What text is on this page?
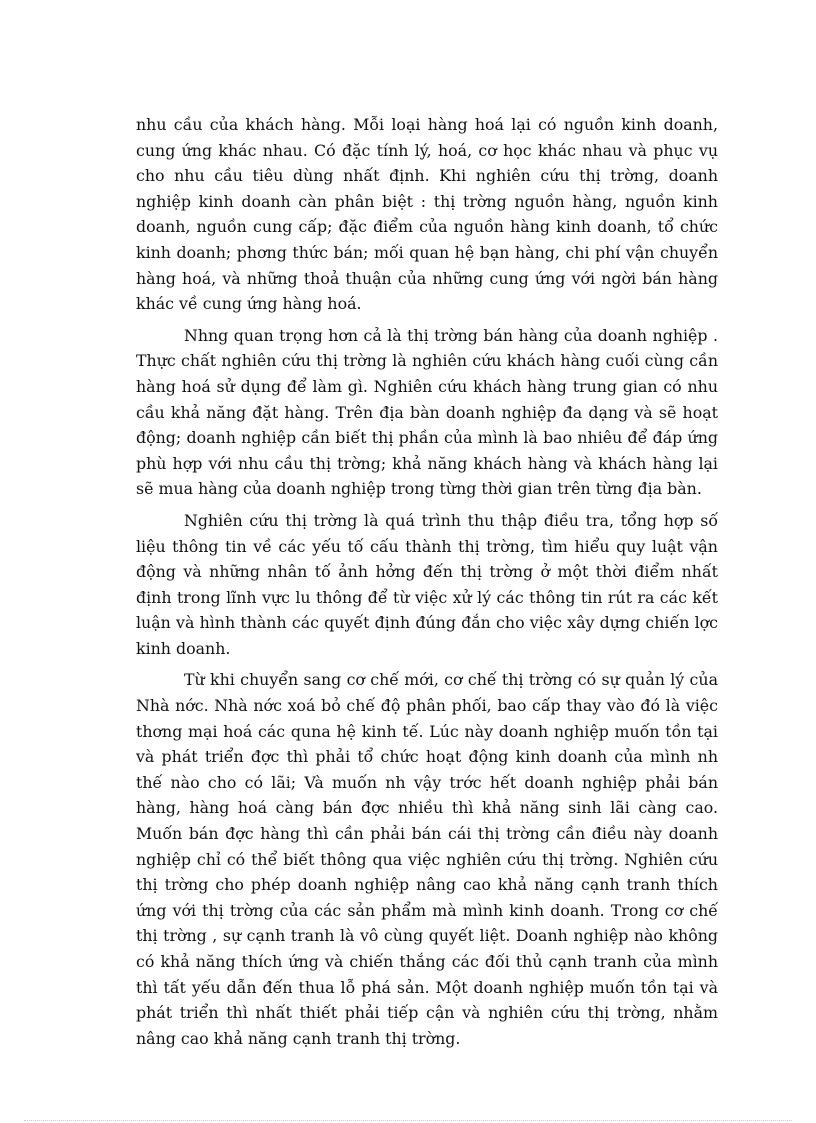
nhu cầu của khách hàng. Mỗi loại hàng hoá lại có nguồn kinh doanh, cung ứng khác nhau. Có đặc tính lý, hoá, cơ học khác nhau và phục vụ cho nhu cầu tiêu dùng nhất định. Khi nghiên cứu thị trờng, doanh nghiệp kinh doanh càn phân biệt : thị trờng nguồn hàng, nguồn kinh doanh, nguồn cung cấp; đặc điểm của nguồn hàng kinh doanh, tổ chức kinh doanh; phơng thức bán; mối quan hệ bạn hàng, chi phí vận chuyển hàng hoá, và những thoả thuận của những cung ứng với ngời bán hàng khác về cung ứng hàng hoá.

Nhng quan trọng hơn cả là thị trờng bán hàng của doanh nghiệp . Thực chất nghiên cứu thị trờng là nghiên cứu khách hàng cuối cùng cần hàng hoá sử dụng để làm gì. Nghiên cứu khách hàng trung gian có nhu cầu khả năng đặt hàng. Trên địa bàn doanh nghiệp đa dạng và sẽ hoạt động; doanh nghiệp cần biết thị phần của mình là bao nhiêu để đáp ứng phù hợp với nhu cầu thị trờng; khả năng khách hàng và khách hàng lại sẽ mua hàng của doanh nghiệp trong từng thời gian trên từng địa bàn.

Nghiên cứu thị trờng là quá trình thu thập điều tra, tổng hợp số liệu thông tin về các yếu tố cấu thành thị trờng, tìm hiểu quy luật vận động và những nhân tố ảnh hởng đến thị trờng ở một thời điểm nhất định trong lĩnh vực lu thông để từ việc xử lý các thông tin rút ra các kết luận và hình thành các quyết định đúng đắn cho việc xây dựng chiến lợc kinh doanh.

Từ khi chuyển sang cơ chế mới, cơ chế thị trờng có sự quản lý của Nhà nớc. Nhà nớc xoá bỏ chế độ phân phối, bao cấp thay vào đó là việc thơng mại hoá các quna hệ kinh tế. Lúc này doanh nghiệp muốn tồn tại và phát triển đợc thì phải tổ chức hoạt động kinh doanh của mình nh thế nào cho có lãi; Và muốn nh vậy trớc hết doanh nghiệp phải bán hàng, hàng hoá càng bán đợc nhiều thì khả năng sinh lãi càng cao. Muốn bán đợc hàng thì cần phải bán cái thị trờng cần điều này doanh nghiệp chỉ có thể biết thông qua việc nghiên cứu thị trờng. Nghiên cứu thị trờng cho phép doanh nghiệp nâng cao khả năng cạnh tranh thích ứng với thị trờng của các sản phẩm mà mình kinh doanh. Trong cơ chế thị trờng , sự cạnh tranh là vô cùng quyết liệt. Doanh nghiệp nào không có khả năng thích ứng và chiến thắng các đối thủ cạnh tranh của mình thì tất yếu dẫn đến thua lỗ phá sản. Một doanh nghiệp muốn tồn tại và phát triển thì nhất thiết phải tiếp cận và nghiên cứu thị trờng, nhằm nâng cao khả năng cạnh tranh thị trờng.
